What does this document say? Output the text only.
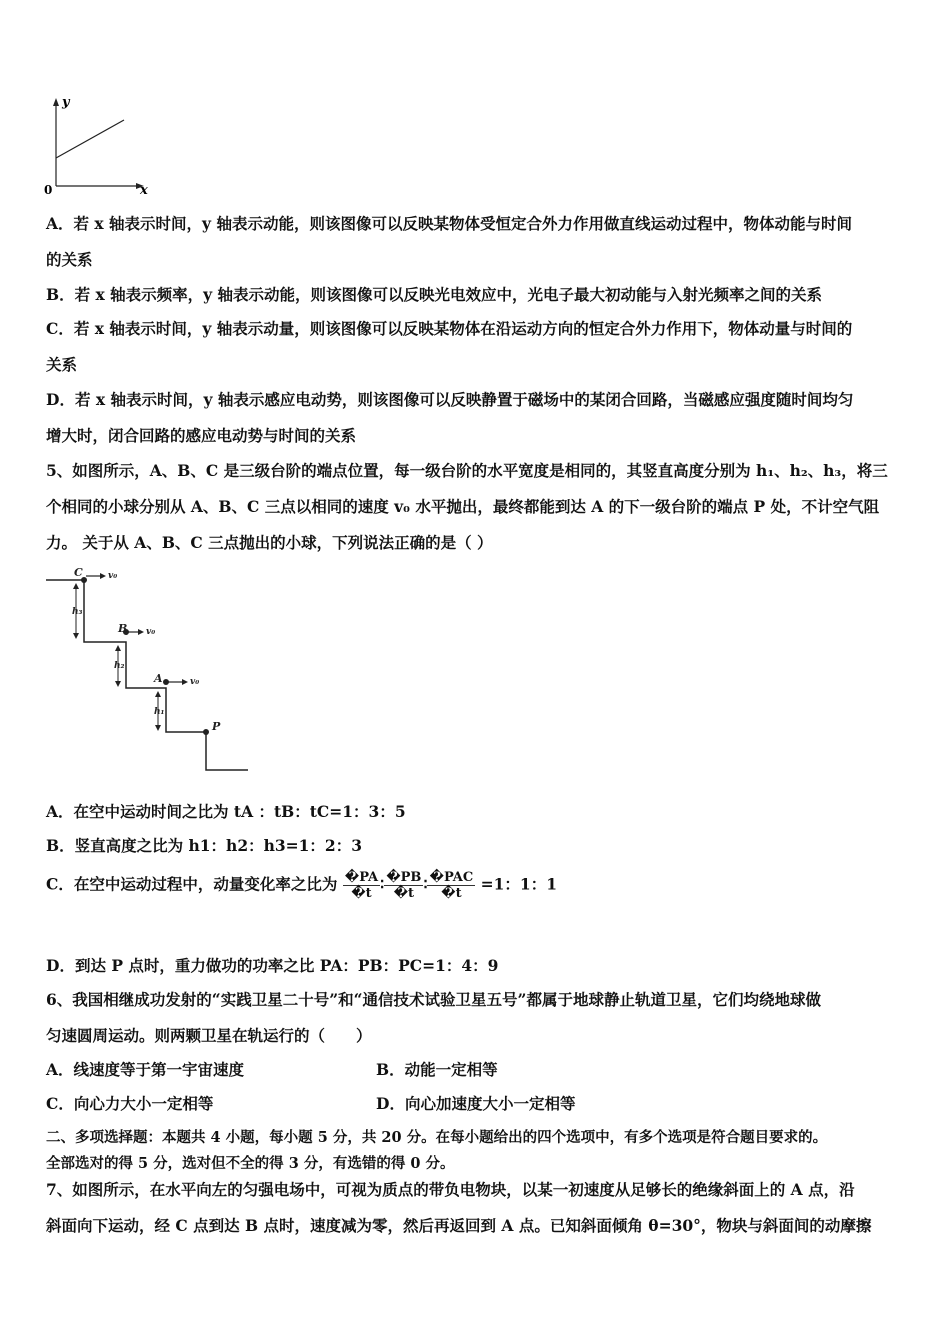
y
x
0
A．若 x 轴表示时间，y 轴表示动能，则该图像可以反映某物体受恒定合外力作用做直线运动过程中，物体动能与时间
的关系
B．若 x 轴表示频率，y 轴表示动能，则该图像可以反映光电效应中，光电子最大初动能与入射光频率之间的关系
C．若 x 轴表示时间，y 轴表示动量，则该图像可以反映某物体在沿运动方向的恒定合外力作用下，物体动量与时间的
关系
D．若 x 轴表示时间，y 轴表示感应电动势，则该图像可以反映静置于磁场中的某闭合回路，当磁感应强度随时间均匀
增大时，闭合回路的感应电动势与时间的关系
5、如图所示，A、B、C 是三级台阶的端点位置，每一级台阶的水平宽度是相同的，其竖直高度分别为 h₁、h₂、h₃，将三
个相同的小球分别从 A、B、C 三点以相同的速度 v₀ 水平抛出，最终都能到达 A 的下一级台阶的端点 P 处，不计空气阻
力。 关于从 A、B、C 三点抛出的小球，下列说法正确的是（ ）
C	v₀
B v₀
A	v₀
P
h₃
h₂
h₁
A．在空中运动时间之比为 tA ：tB：tC=1：3：5
B．竖直高度之比为 h1：h2：h3=1：2：3
C．在空中运动过程中，动量变化率之比为 $\frac{�PA}{�t}$ ∶ $\frac{�PB}{�t}$ ∶ $\frac{\text{�PAC}}{�t} =1$：1：1
D．到达 P 点时，重力做功的功率之比 PA：PB：PC=1：4：9
6、我国相继成功发射的“实践卫星二十号”和“通信技术试验卫星五号”都属于地球静止轨道卫星，它们均绕地球做
匀速圆周运动。则两颗卫星在轨运行的（　　）
A．线速度等于第一宇宙速度	B．动能一定相等
C．向心力大小一定相等	D．向心加速度大小一定相等
二、多项选择题：本题共 4 小题，每小题 5 分，共 20 分。在每小题给出的四个选项中，有多个选项是符合题目要求的。
全部选对的得 5 分，选对但不全的得 3 分，有选错的得 0 分。
7、如图所示，在水平向左的匀强电场中，可视为质点的带负电物块，以某一初速度从足够长的绝缘斜面上的 A 点，沿
斜面向下运动，经 C 点到达 B 点时，速度减为零，然后再返回到 A 点。已知斜面倾角 θ=30°，物块与斜面间的动摩擦
